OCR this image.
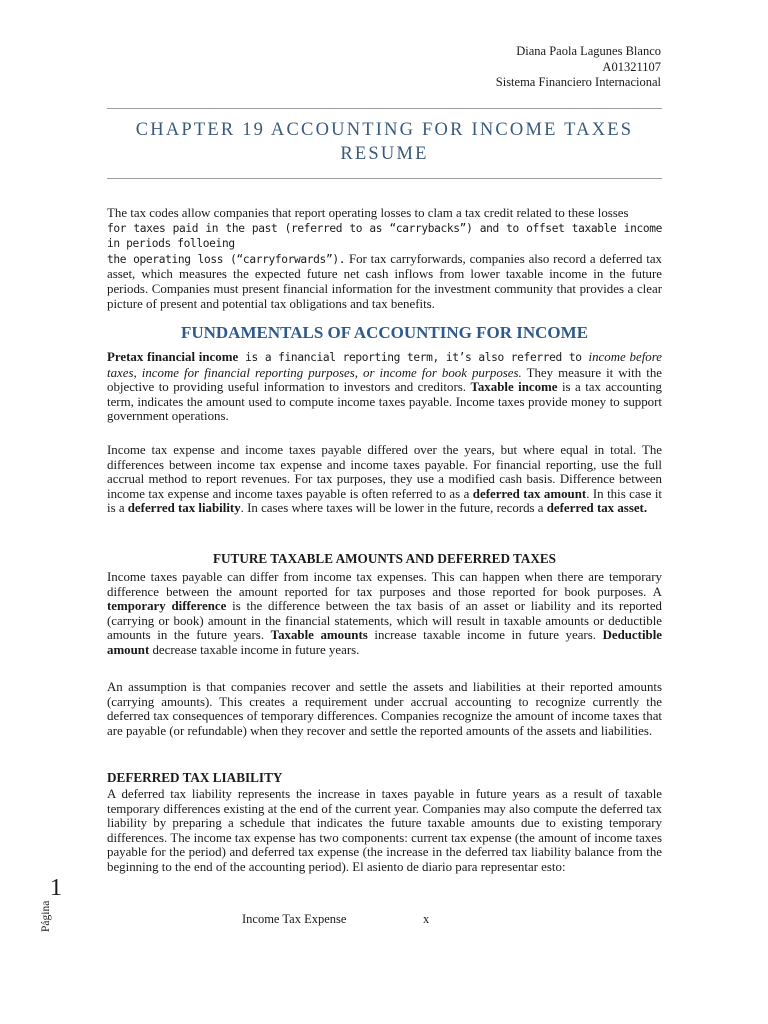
Diana Paola Lagunes Blanco
A01321107
Sistema Financiero Internacional
CHAPTER 19 ACCOUNTING FOR INCOME TAXES
RESUME

The tax codes allow companies that report operating losses to clam a tax credit related to these losses
for taxes paid in the past (referred to as “carrybacks”) and to offset taxable income in periods folloeing
the operating loss (“carryforwards”). For tax carryforwards, companies also record a deferred tax asset, which measures the expected future net cash inflows from lower taxable income in the future periods. Companies must present financial information for the investment community that provides a clear picture of present and potential tax obligations and tax benefits.

FUNDAMENTALS OF ACCOUNTING FOR INCOME

Pretax financial income is a financial reporting term, it’s also referred to income before taxes, income for financial reporting purposes, or income for book purposes. They measure it with the objective to providing useful information to investors and creditors. Taxable income is a tax accounting term, indicates the amount used to compute income taxes payable. Income taxes provide money to support government operations.

Income tax expense and income taxes payable differed over the years, but where equal in total. The differences between income tax expense and income taxes payable. For financial reporting, use the full accrual method to report revenues. For tax purposes, they use a modified cash basis. Difference between income tax expense and income taxes payable is often referred to as a deferred tax amount. In this case it is a deferred tax liability. In cases where taxes will be lower in the future, records a deferred tax asset.

FUTURE TAXABLE AMOUNTS AND DEFERRED TAXES

Income taxes payable can differ from income tax expenses. This can happen when there are temporary difference between the amount reported for tax purposes and those reported for book purposes. A temporary difference is the difference between the tax basis of an asset or liability and its reported (carrying or book) amount in the financial statements, which will result in taxable amounts or deductible amounts in the future years. Taxable amounts increase taxable income in future years. Deductible amount decrease taxable income in future years.

An assumption is that companies recover and settle the assets and liabilities at their reported amounts (carrying amounts). This creates a requirement under accrual accounting to recognize currently the deferred tax consequences of temporary differences. Companies recognize the amount of income taxes that are payable (or refundable) when they recover and settle the reported amounts of the assets and liabilities.

DEFERRED TAX LIABILITY

A deferred tax liability represents the increase in taxes payable in future years as a result of taxable temporary differences existing at the end of the current year. Companies may also compute the deferred tax liability by preparing a schedule that indicates the future taxable amounts due to existing temporary differences. The income tax expense has two components: current tax expense (the amount of income taxes payable for the period) and deferred tax expense (the increase in the deferred tax liability balance from the beginning to the end of the accounting period). El asiento de diario para representar esto:

Income Tax Expense	x
Página
1
